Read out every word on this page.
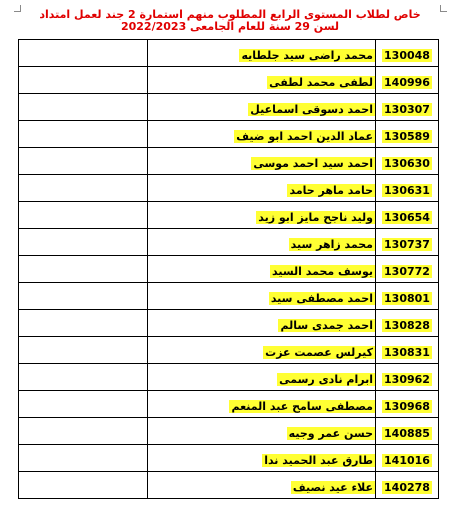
خاص لطلاب المستوى الرابع المطلوب منهم استمارة 2 جند لعمل امتداد
لسن 29 سنة للعام الجامعى 2022/2023
	محمد راضى سيد جلطايه	130048
	لطفى محمد لطفى	140996
	احمد دسوقى اسماعيل	130307
	عماد الدين احمد ابو ضيف	130589
	احمد سيد احمد موسى	130630
	حامد ماهر حامد	130631
	وليد ناجح مايز ابو زيد	130654
	محمد زاهر سيد	130737
	يوسف محمد السيد	130772
	احمد مصطفى سيد	130801
	احمد جمدى سالم	130828
	كيرلس عصمت عزت	130831
	ابرام نادى رسمى	130962
	مصطفى سامح عبد المنعم	130968
	حسن عمر وجيه	140885
	طارق عبد الحميد ندا	141016
	علاء عيد نصيف	140278
